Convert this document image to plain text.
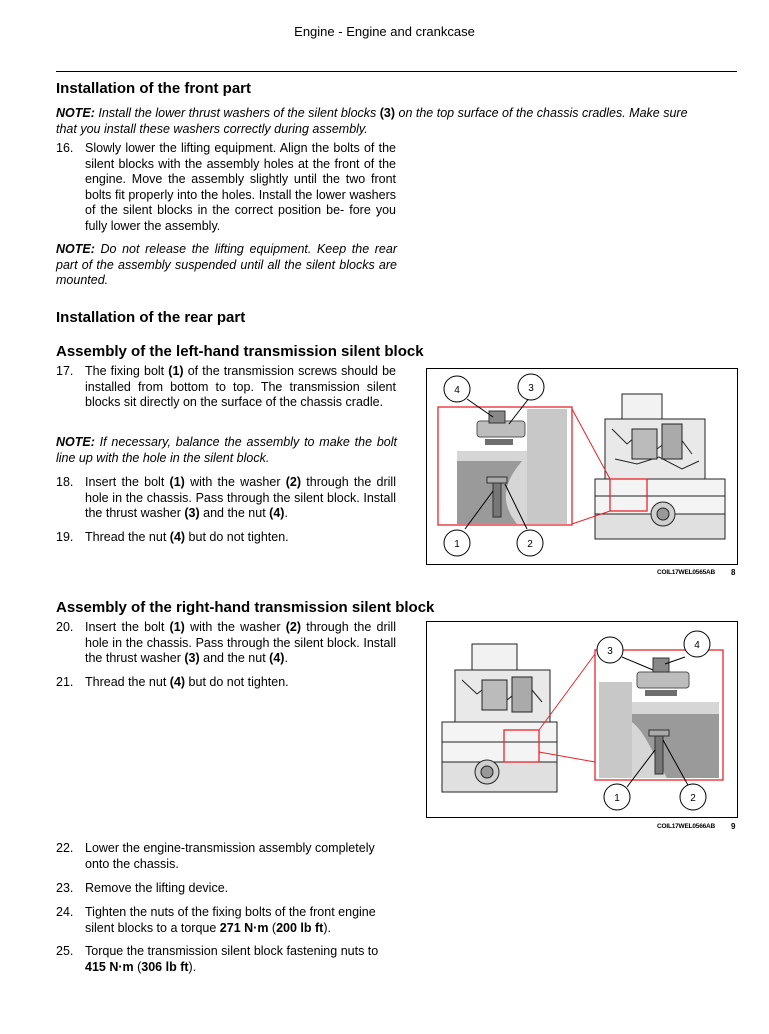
Engine - Engine and crankcase
Installation of the front part
NOTE: Install the lower thrust washers of the silent blocks (3) on the top surface of the chassis cradles. Make sure
that you install these washers correctly during assembly.
16. Slowly lower the lifting equipment. Align the bolts of the silent blocks with the assembly holes at the front of the engine. Move the assembly slightly until the two front bolts fit properly into the holes. Install the lower washers of the silent blocks in the correct position be- fore you fully lower the assembly.
NOTE: Do not release the lifting equipment. Keep the rear part of the assembly suspended until all the silent blocks are mounted.
Installation of the rear part
Assembly of the left-hand transmission silent block
17. The fixing bolt (1) of the transmission screws should be installed from bottom to top. The transmission silent blocks sit directly on the surface of the chassis cradle.
NOTE: If necessary, balance the assembly to make the bolt line up with the hole in the silent block.
18. Insert the bolt (1) with the washer (2) through the drill hole in the chassis. Pass through the silent block. Install the thrust washer (3) and the nut (4).
19. Thread the nut (4) but do not tighten.
4	3
1	2
COIL17WEL0565AB 8
Assembly of the right-hand transmission silent block
20. Insert the bolt (1) with the washer (2) through the drill hole in the chassis. Pass through the silent block. Install the thrust washer (3) and the nut (4).
21. Thread the nut (4) but do not tighten.
3
4
1	2
COIL17WEL0566AB 9
22. Lower the engine-transmission assembly completely onto the chassis.
23. Remove the lifting device.
24. Tighten the nuts of the fixing bolts of the front engine silent blocks to a torque 271 N·m (200 lb ft).
25. Torque the transmission silent block fastening nuts to 415 N·m (306 lb ft).
